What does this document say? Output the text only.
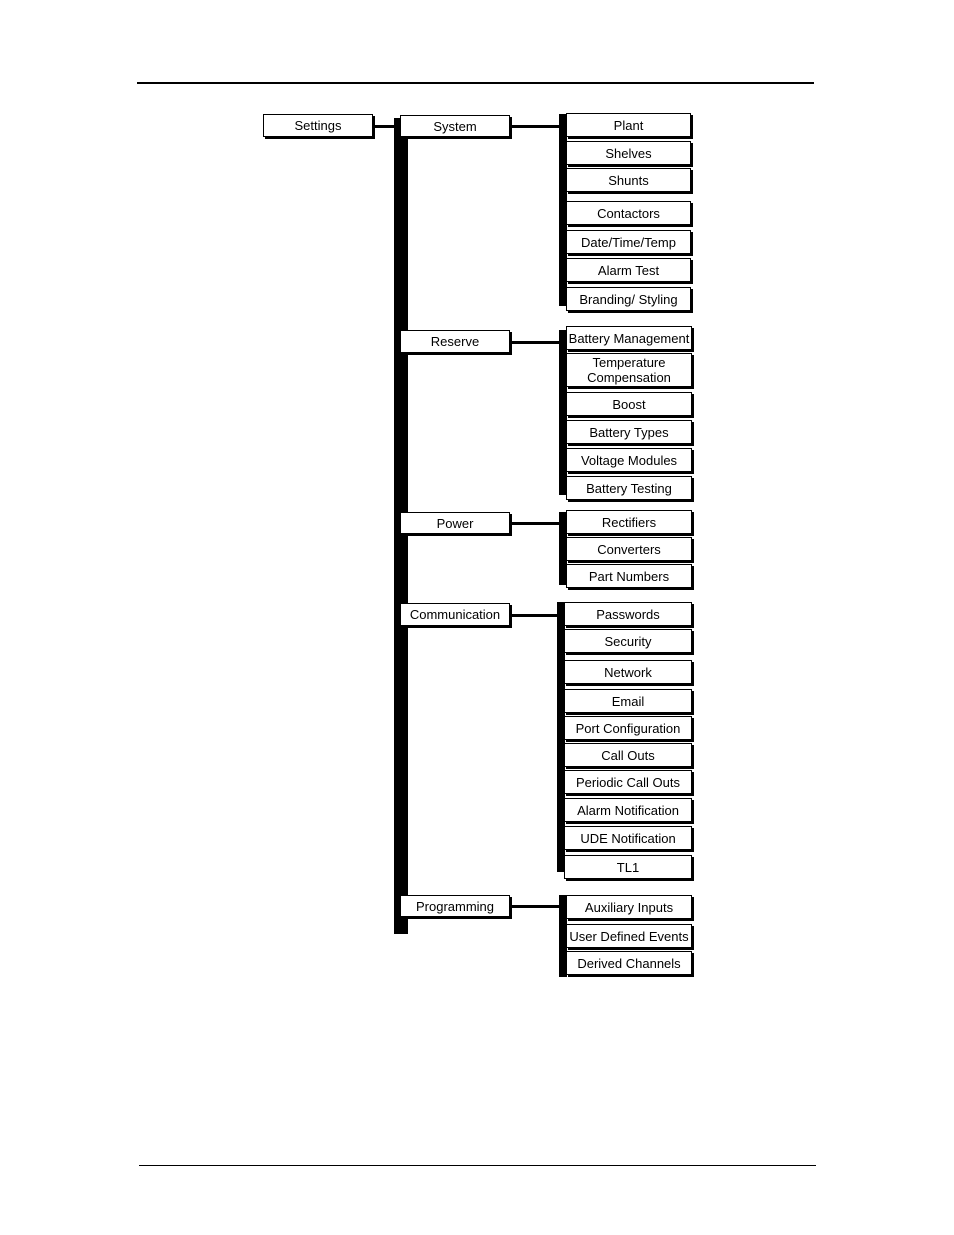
Settings	System	Plant
Shelves
Shunts
Contactors
Date/Time/Temp
Alarm Test
Branding/ Styling
Reserve	Battery Management
Temperature
Compensation
Boost
Battery Types
Voltage Modules
Battery Testing
Power	Rectifiers
Converters
Part Numbers
Communication	Passwords
Security
Network
Email
Port Configuration
Call Outs
Periodic Call Outs
Alarm Notification
UDE Notification
TL1
Programming	Auxiliary Inputs
User Defined Events
Derived Channels
